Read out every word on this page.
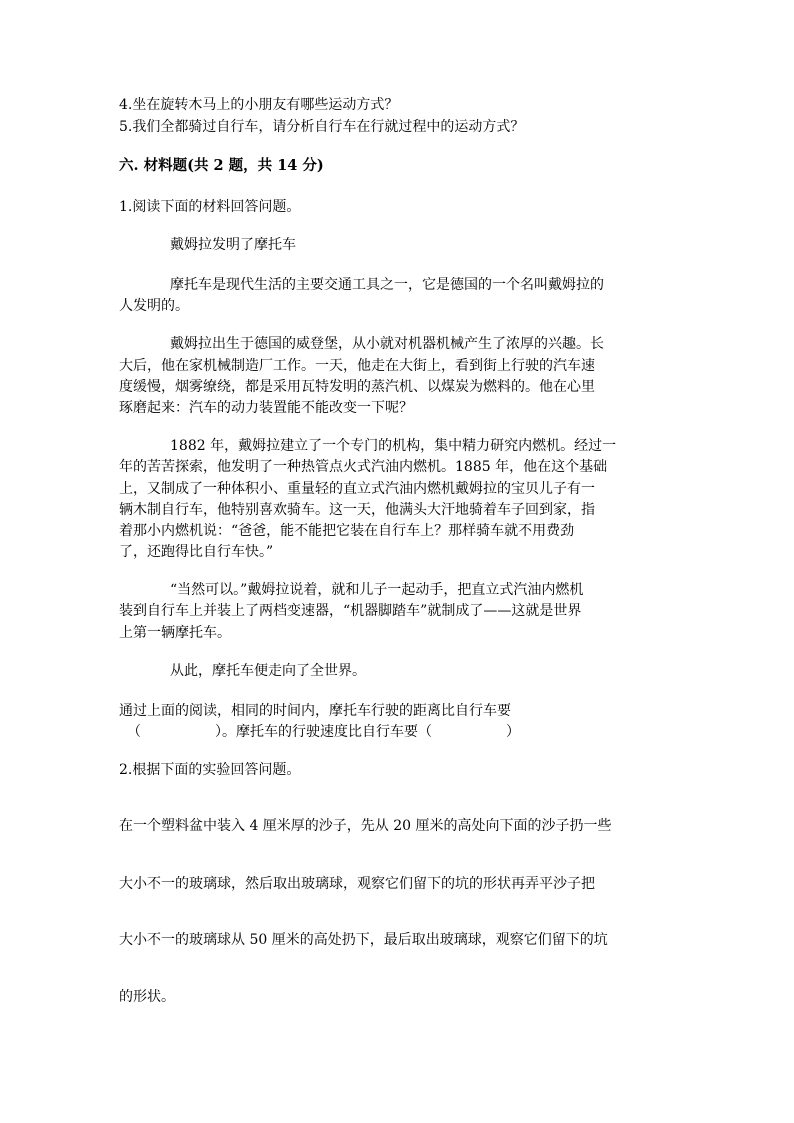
4.坐在旋转木马上的小朋友有哪些运动方式？

5.我们全都骑过自行车，请分析自行车在行就过程中的运动方式？

六. 材料题(共 2 题，共 14 分)

1.阅读下面的材料回答问题。

戴姆拉发明了摩托车

摩托车是现代生活的主要交通工具之一，它是德国的一个名叫戴姆拉的

人发明的。

戴姆拉出生于德国的威登堡，从小就对机器机械产生了浓厚的兴趣。长

大后，他在家机械制造厂工作。一天，他走在大街上，看到街上行驶的汽车速

度缓慢，烟雾缭绕，都是采用瓦特发明的蒸汽机、以煤炭为燃料的。他在心里

琢磨起来：汽车的动力装置能不能改变一下呢？

1882 年，戴姆拉建立了一个专门的机构，集中精力研究内燃机。经过一

年的苦苦探索，他发明了一种热管点火式汽油内燃机。1885 年，他在这个基础

上，又制成了一种体积小、重量轻的直立式汽油内燃机戴姆拉的宝贝儿子有一

辆木制自行车，他特别喜欢骑车。这一天，他满头大汗地骑着车子回到家，指

着那小内燃机说：“爸爸，能不能把它装在自行车上？那样骑车就不用费劲

了，还跑得比自行车快。”

“当然可以。”戴姆拉说着，就和儿子一起动手，把直立式汽油内燃机

装到自行车上并装上了两档变速器，“机器脚踏车”就制成了——这就是世界

上第一辆摩托车。

从此，摩托车便走向了全世界。

通过上面的阅读，相同的时间内，摩托车行驶的距离比自行车要

（	）。摩托车的行驶速度比自行车要（	）

2.根据下面的实验回答问题。

在一个塑料盆中装入 4 厘米厚的沙子，先从 20 厘米的高处向下面的沙子扔一些

大小不一的玻璃球，然后取出玻璃球，观察它们留下的坑的形状再弄平沙子把

大小不一的玻璃球从 50 厘米的高处扔下，最后取出玻璃球，观察它们留下的坑

的形状。
